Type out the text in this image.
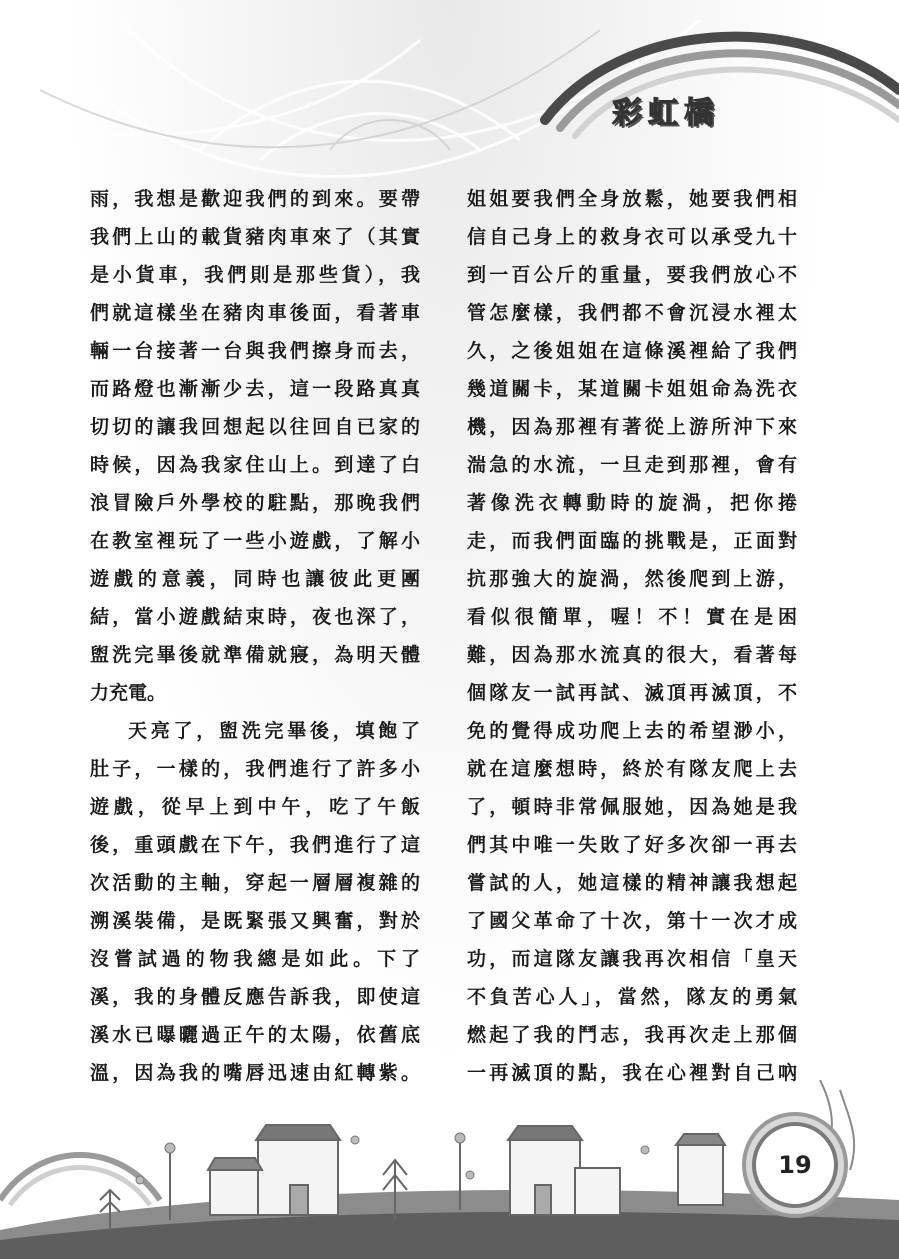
彩虹橋
雨，我想是歡迎我們的到來。要帶
我們上山的載貨豬肉車來了（其實
是小貨車，我們則是那些貨），我
們就這樣坐在豬肉車後面，看著車
輛一台接著一台與我們擦身而去，
而路燈也漸漸少去，這一段路真真
切切的讓我回想起以往回自已家的
時候，因為我家住山上。到達了白
浪冒險戶外學校的駐點，那晚我們
在教室裡玩了一些小遊戲，了解小
遊戲的意義，同時也讓彼此更團
結，當小遊戲結束時，夜也深了，
盥洗完畢後就準備就寢，為明天體
力充電。
天亮了，盥洗完畢後，填飽了
肚子，一樣的，我們進行了許多小
遊戲，從早上到中午，吃了午飯
後，重頭戲在下午，我們進行了這
次活動的主軸，穿起一層層複雜的
溯溪裝備，是既緊張又興奮，對於
沒嘗試過的物我總是如此。下了
溪，我的身體反應告訴我，即使這
溪水已曝曬過正午的太陽，依舊底
溫，因為我的嘴唇迅速由紅轉紫。
姐姐要我們全身放鬆，她要我們相
信自己身上的救身衣可以承受九十
到一百公斤的重量，要我們放心不
管怎麼樣，我們都不會沉浸水裡太
久，之後姐姐在這條溪裡給了我們
幾道關卡，某道關卡姐姐命為洗衣
機，因為那裡有著從上游所沖下來
湍急的水流，一旦走到那裡，會有
著像洗衣轉動時的旋渦，把你捲
走，而我們面臨的挑戰是，正面對
抗那強大的旋渦，然後爬到上游，
看似很簡單，喔！不！實在是困
難，因為那水流真的很大，看著每
個隊友一試再試、滅頂再滅頂，不
免的覺得成功爬上去的希望渺小，
就在這麼想時，終於有隊友爬上去
了，頓時非常佩服她，因為她是我
們其中唯一失敗了好多次卻一再去
嘗試的人，她這樣的精神讓我想起
了國父革命了十次，第十一次才成
功，而這隊友讓我再次相信「皇天
不負苦心人」，當然，隊友的勇氣
燃起了我的鬥志，我再次走上那個
一再滅頂的點，我在心裡對自己吶
19
